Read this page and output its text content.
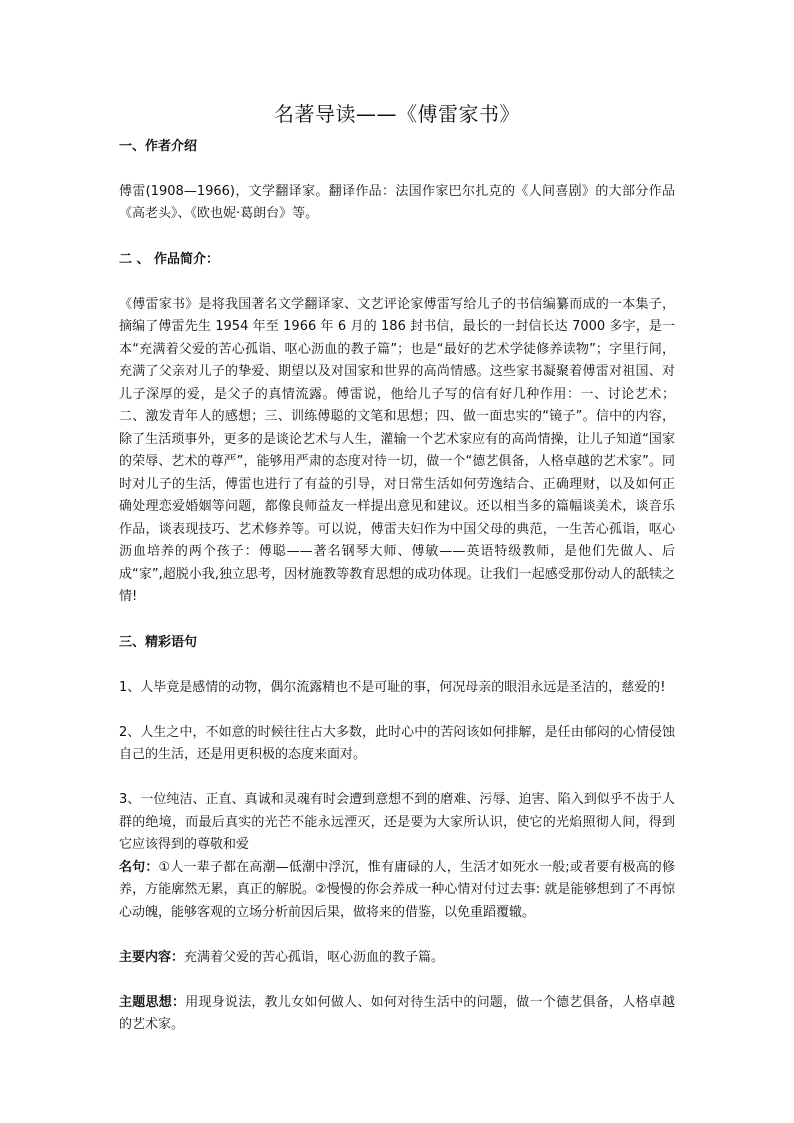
名著导读——《傅雷家书》

一、作者介绍

傅雷(1908—1966)，文学翻译家。翻译作品：法国作家巴尔扎克的《人间喜剧》的大部分作品《高老头》、《欧也妮·葛朗台》等。

二 、 作品简介：

《傅雷家书》是将我国著名文学翻译家、文艺评论家傅雷写给儿子的书信编纂而成的一本集子，摘编了傅雷先生 1954 年至 1966 年 6 月的 186 封书信，最长的一封信长达 7000 多字，是一本“充满着父爱的苦心孤诣、呕心沥血的教子篇”；也是“最好的艺术学徒修养读物”；字里行间，充满了父亲对儿子的挚爱、期望以及对国家和世界的高尚情感。这些家书凝聚着傅雷对祖国、对儿子深厚的爱，是父子的真情流露。傅雷说，他给儿子写的信有好几种作用：一、讨论艺术；二、激发青年人的感想；三、训练傅聪的文笔和思想；四、做一面忠实的“镜子”。信中的内容，除了生活琐事外，更多的是谈论艺术与人生，灌输一个艺术家应有的高尚情操，让儿子知道“国家的荣辱、艺术的尊严”，能够用严肃的态度对待一切，做一个“德艺俱备，人格卓越的艺术家”。同时对儿子的生活，傅雷也进行了有益的引导，对日常生活如何劳逸结合、正确理财，以及如何正确处理恋爱婚姻等问题，都像良师益友一样提出意见和建议。还以相当多的篇幅谈美术，谈音乐作品，谈表现技巧、艺术修养等。可以说，傅雷夫妇作为中国父母的典范，一生苦心孤诣，呕心沥血培养的两个孩子：傅聪——著名钢琴大师、傅敏——英语特级教师，是他们先做人、后成“家”,超脱小我,独立思考，因材施教等教育思想的成功体现。让我们一起感受那份动人的舐犊之情!

三、精彩语句

1、人毕竟是感情的动物，偶尔流露精也不是可耻的事，何况母亲的眼泪永远是圣洁的，慈爱的!

2、人生之中，不如意的时候往往占大多数，此时心中的苦闷该如何排解，是任由郁闷的心情侵蚀自己的生活，还是用更积极的态度来面对。

3、一位纯洁、正直、真诚和灵魂有时会遭到意想不到的磨难、污辱、迫害、陷入到似乎不齿于人群的绝境，而最后真实的光芒不能永远湮灭，还是要为大家所认识，使它的光焰照彻人间，得到它应该得到的尊敬和爱

名句：①人一辈子都在高潮—低潮中浮沉，惟有庸碌的人，生活才如死水一般;或者要有极高的修养，方能廓然无累，真正的解脱。②慢慢的你会养成一种心情对付过去事: 就是能够想到了不再惊心动魄，能够客观的立场分析前因后果，做将来的借鉴，以免重蹈覆辙。

主要内容：充满着父爱的苦心孤诣，呕心沥血的教子篇。

主题思想：用现身说法，教儿女如何做人、如何对待生活中的问题，做一个德艺俱备，人格卓越的艺术家。
